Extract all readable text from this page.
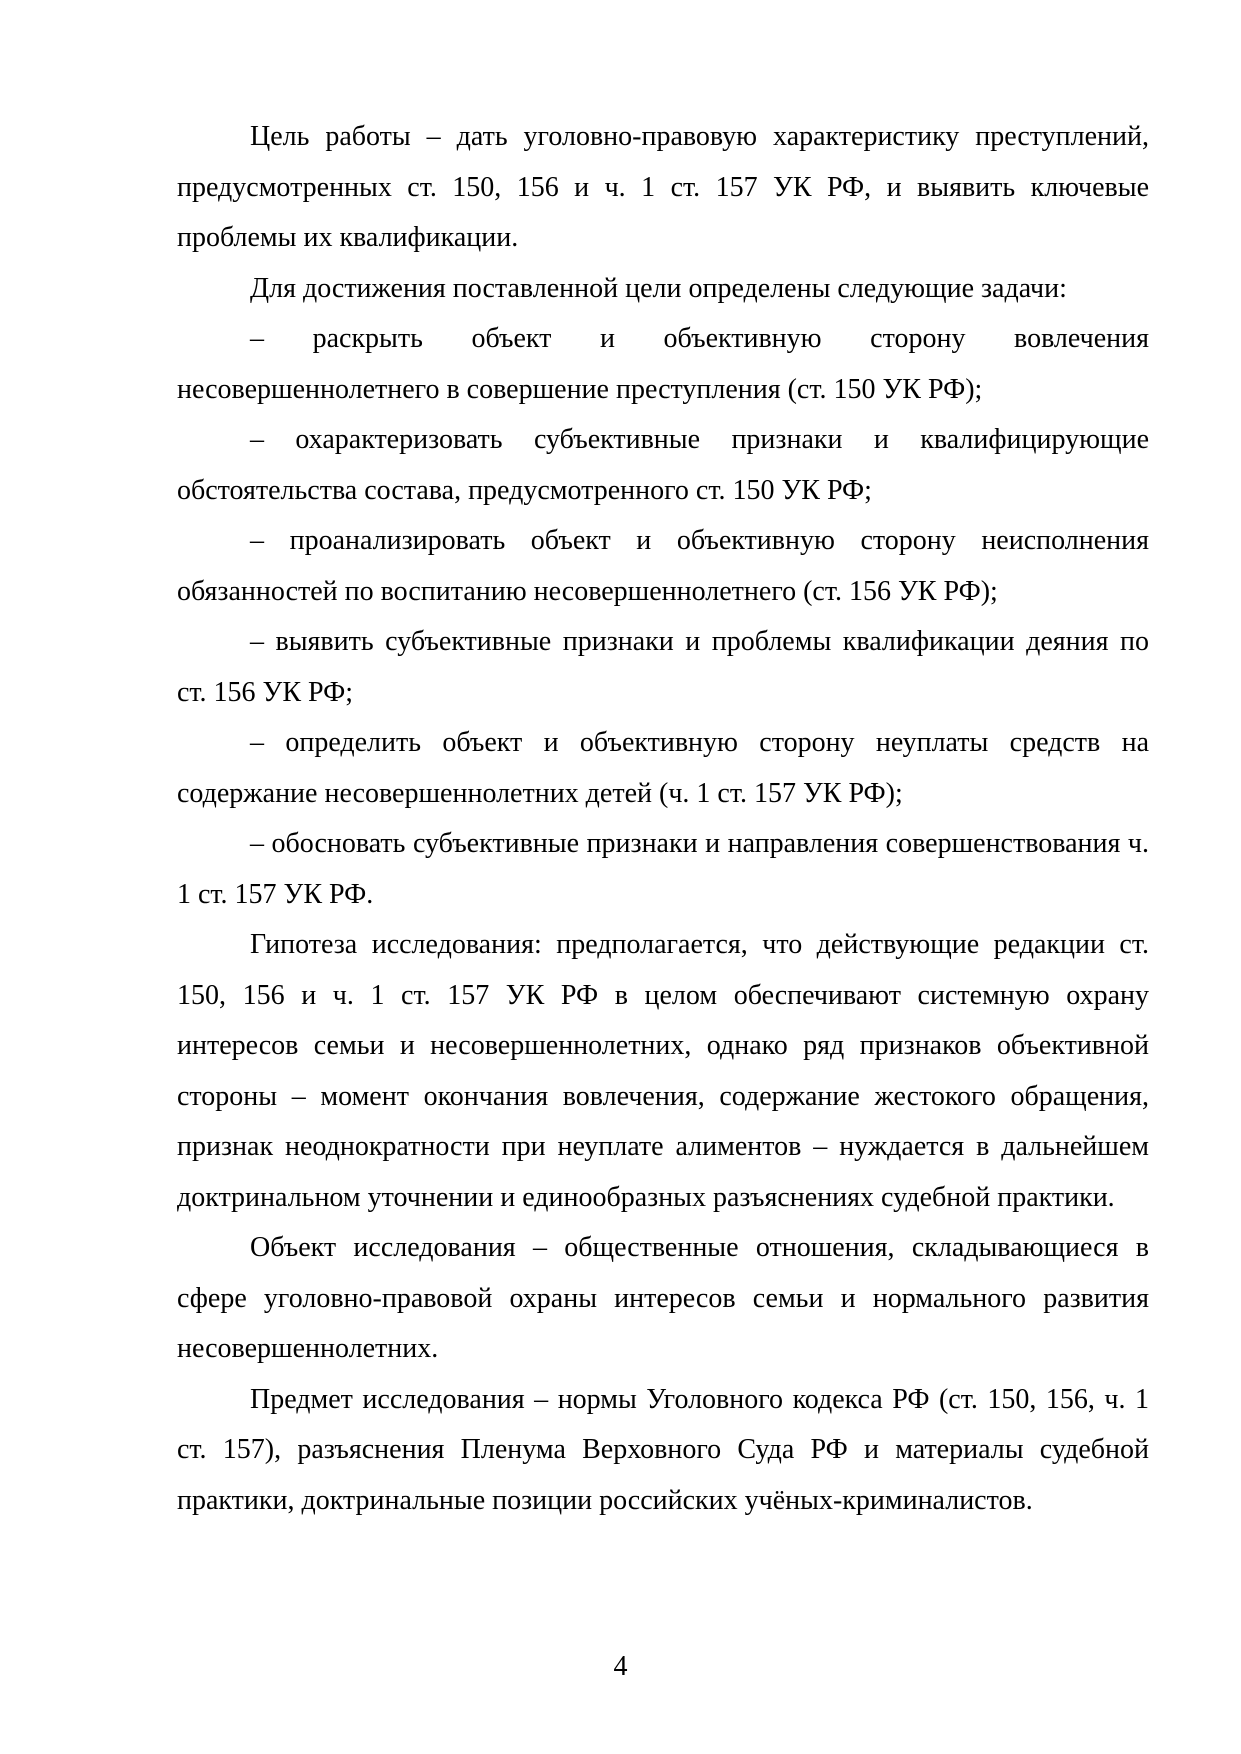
Цель работы – дать уголовно-правовую характеристику преступлений, предусмотренных ст. 150, 156 и ч. 1 ст. 157 УК РФ, и выявить ключевые проблемы их квалификации.

Для достижения поставленной цели определены следующие задачи:

– раскрыть объект и объективную сторону вовлечения несовершеннолетнего в совершение преступления (ст. 150 УК РФ);

– охарактеризовать субъективные признаки и квалифицирующие обстоятельства состава, предусмотренного ст. 150 УК РФ;

– проанализировать объект и объективную сторону неисполнения обязанностей по воспитанию несовершеннолетнего (ст. 156 УК РФ);

– выявить субъективные признаки и проблемы квалификации деяния по ст. 156 УК РФ;

– определить объект и объективную сторону неуплаты средств на содержание несовершеннолетних детей (ч. 1 ст. 157 УК РФ);

– обосновать субъективные признаки и направления совершенствования ч. 1 ст. 157 УК РФ.

Гипотеза исследования: предполагается, что действующие редакции ст. 150, 156 и ч. 1 ст. 157 УК РФ в целом обеспечивают системную охрану интересов семьи и несовершеннолетних, однако ряд признаков объективной стороны – момент окончания вовлечения, содержание жестокого обращения, признак неоднократности при неуплате алиментов – нуждается в дальнейшем доктринальном уточнении и единообразных разъяснениях судебной практики.

Объект исследования – общественные отношения, складывающиеся в сфере уголовно-правовой охраны интересов семьи и нормального развития несовершеннолетних.

Предмет исследования – нормы Уголовного кодекса РФ (ст. 150, 156, ч. 1 ст. 157), разъяснения Пленума Верховного Суда РФ и материалы судебной практики, доктринальные позиции российских учёных-криминалистов.

4
